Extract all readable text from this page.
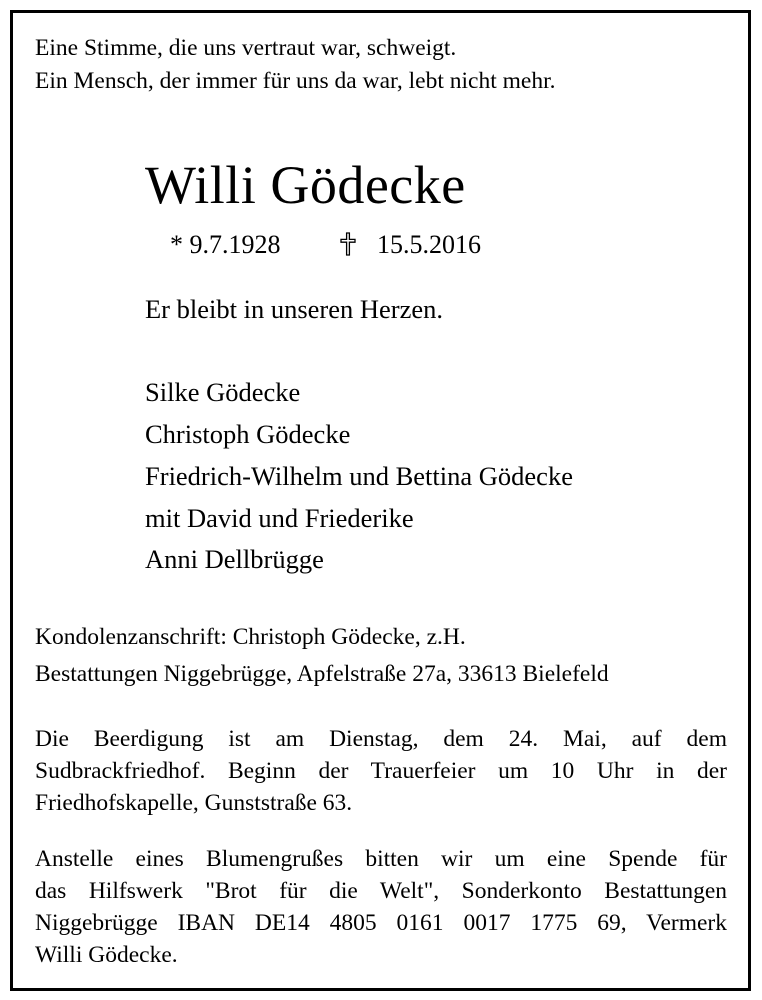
Eine Stimme, die uns vertraut war, schweigt.
Ein Mensch, der immer für uns da war, lebt nicht mehr.
Willi Gödecke
* 9.7.1928	15.5.2016
Er bleibt in unseren Herzen.
Silke Gödecke
Christoph Gödecke
Friedrich-Wilhelm und Bettina Gödecke
mit David und Friederike
Anni Dellbrügge
Kondolenzanschrift: Christoph Gödecke, z.H.
Bestattungen Niggebrügge, Apfelstraße 27a, 33613 Bielefeld
Die Beerdigung ist am Dienstag, dem 24. Mai, auf dem
Sudbrackfriedhof. Beginn der Trauerfeier um 10 Uhr in der
Friedhofskapelle, Gunststraße 63.
Anstelle eines Blumengrußes bitten wir um eine Spende für
das Hilfswerk "Brot für die Welt", Sonderkonto Bestattungen
Niggebrügge IBAN DE14 4805 0161 0017 1775 69, Vermerk
Willi Gödecke.
